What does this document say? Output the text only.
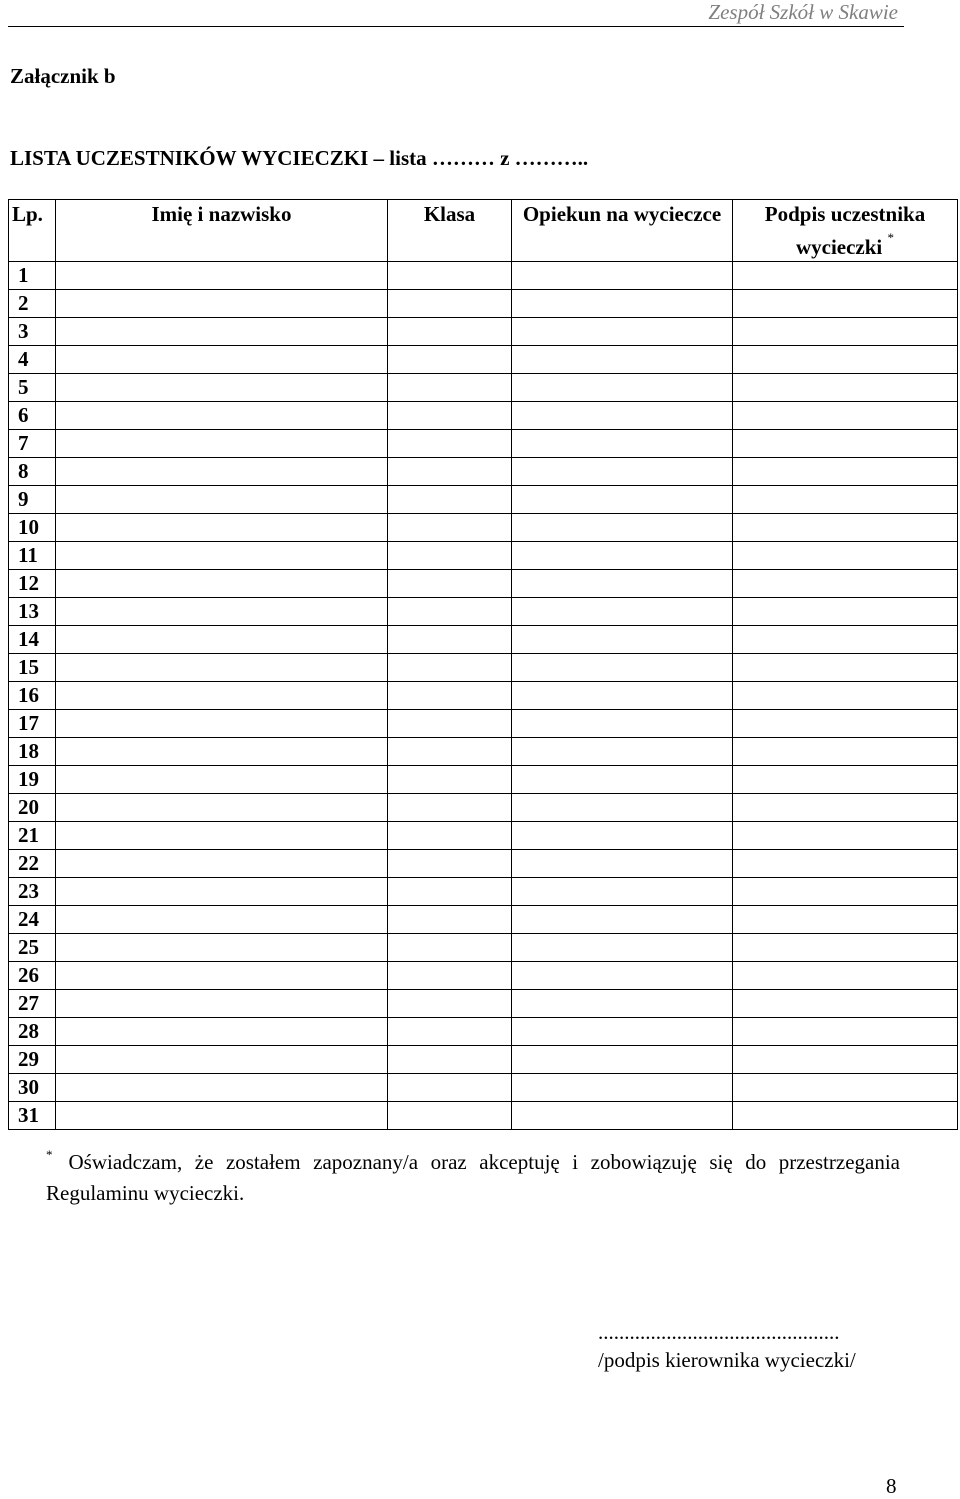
Zespół Szkół w Skawie
Załącznik b
LISTA UCZESTNIKÓW WYCIECZKI – lista ……… z ………..
Lp.	Imię i nazwisko	Klasa	Opiekun na wycieczce	Podpis uczestnika wycieczki *
1				
2				
3				
4				
5				
6				
7				
8				
9				
10				
11				
12				
13				
14				
15				
16				
17				
18				
19				
20				
21				
22				
23				
24				
25				
26				
27				
28				
29				
30				
31				
* Oświadczam, że zostałem zapoznany/a oraz akceptuję i zobowiązuję się do przestrzegania Regulaminu wycieczki.
..............................................
/podpis kierownika wycieczki/
8
